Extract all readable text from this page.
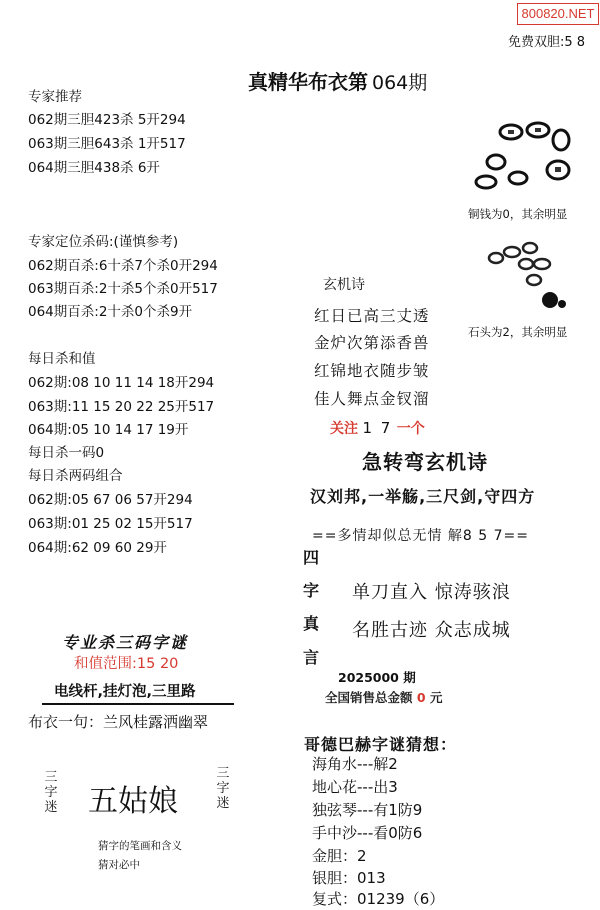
800820.NET
免费双胆:5 8
真精华布衣第 064期
专家推荐
062期三胆423杀 5开294
063期三胆643杀 1开517
064期三胆438杀 6开
专家定位杀码:(谨慎参考)
062期百杀:6十杀7个杀0开294
063期百杀:2十杀5个杀0开517
064期百杀:2十杀0个杀9开
每日杀和值
062期:08 10 11 14 18开294
063期:11 15 20 22 25开517
064期:05 10 14 17 19开
每日杀一码0
每日杀两码组合
062期:05 67 06 57开294
063期:01 25 02 15开517
064期:62 09 60 29开
铜钱为0，其余明显
石头为2，其余明显
玄机诗
红日已高三丈透
金炉次第添香兽
红锦地衣随步皱
佳人舞点金钗溜
关注 1 7 一个
急转弯玄机诗
汉刘邦,一举觞,三尺剑,守四方
==多情却似总无情 解8 5 7==
四
字
真
言
单刀直入 惊涛骇浪
名胜古迹 众志成城
2025000 期
全国销售总金额 0 元
哥德巴赫字谜猜想：
海角水---解2
地心花---出3
独弦琴---有1防9
手中沙---看0防6
金胆：2
银胆：013
复式：01239（6）
专业杀三码字谜
和值范围:15 20
电线杆,挂灯泡,三里路
布衣一句：兰风桂露洒幽翠
三字迷 五姑娘
三字迷
猜字的笔画和含义
猜对必中
